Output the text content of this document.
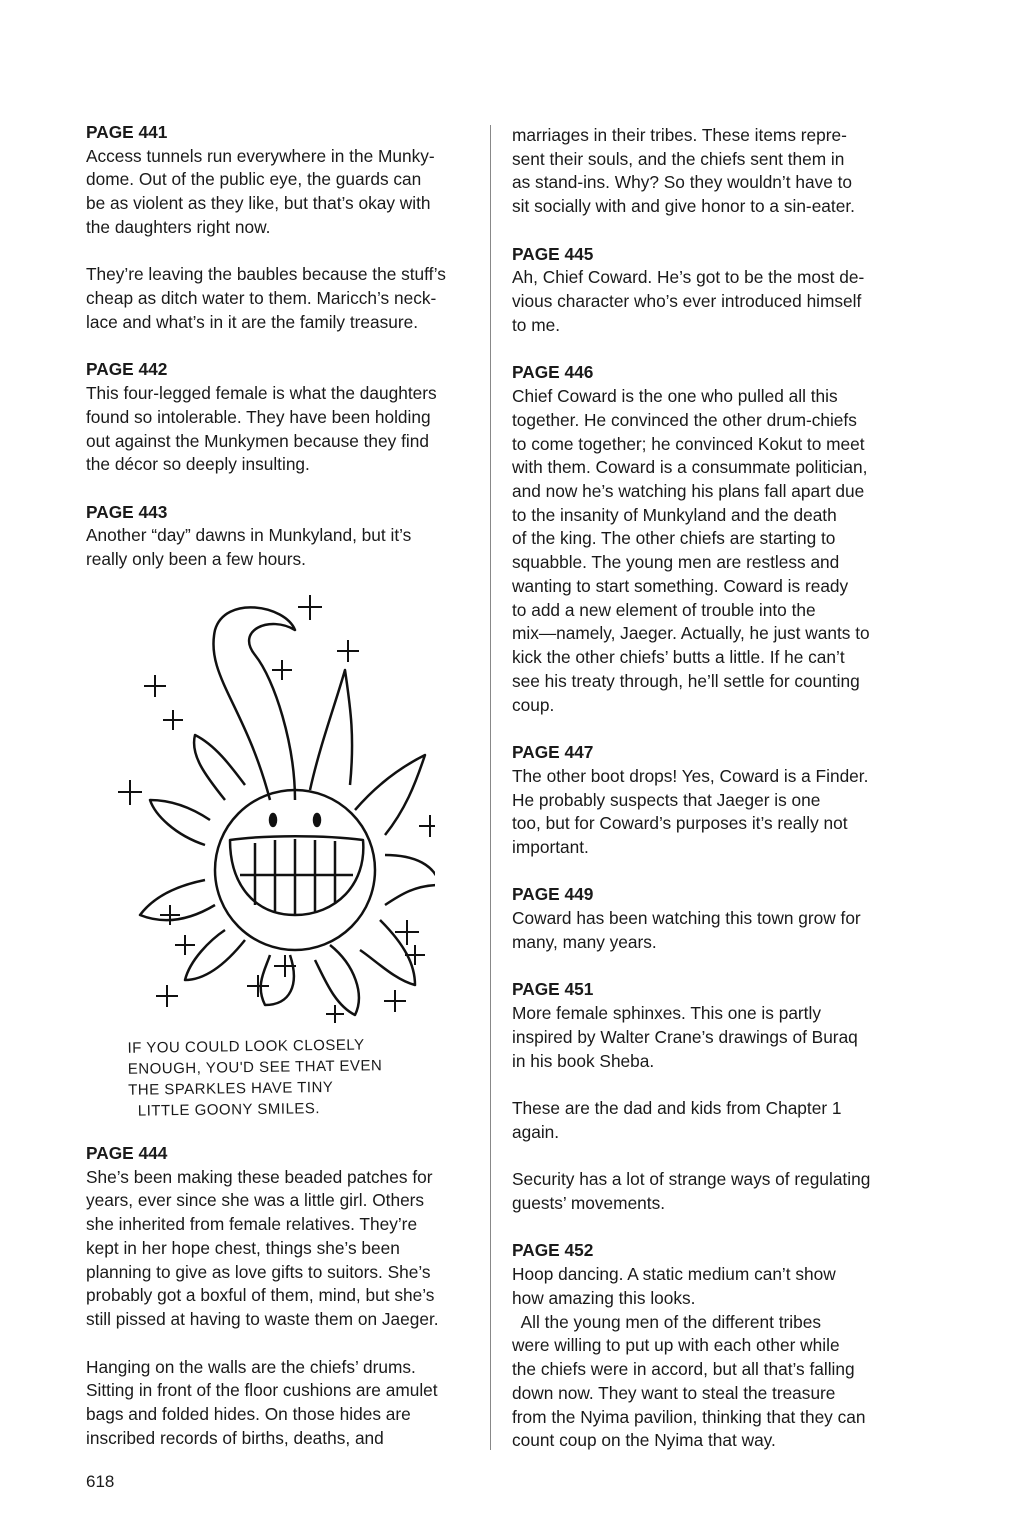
PAGE 441
Access tunnels run everywhere in the Munky-
dome. Out of the public eye, the guards can
be as violent as they like, but that’s okay with
the daughters right now.
They’re leaving the baubles because the stuff’s
cheap as ditch water to them. Maricch’s neck-
lace and what’s in it are the family treasure.
PAGE 442
This four-legged female is what the daughters
found so intolerable. They have been holding
out against the Munkymen because they find
the décor so deeply insulting.
PAGE 443
Another “day” dawns in Munkyland, but it’s
really only been a few hours.
IF YOU COULD LOOK CLOSELY
ENOUGH, YOU'D SEE THAT EVEN
THE SPARKLES HAVE TINY
LITTLE GOONY SMILES.
PAGE 444
She’s been making these beaded patches for
years, ever since she was a little girl. Others
she inherited from female relatives. They’re
kept in her hope chest, things she’s been
planning to give as love gifts to suitors. She’s
probably got a boxful of them, mind, but she’s
still pissed at having to waste them on Jaeger.
Hanging on the walls are the chiefs’ drums.
Sitting in front of the floor cushions are amulet
bags and folded hides. On those hides are
inscribed records of births, deaths, and
marriages in their tribes. These items repre-
sent their souls, and the chiefs sent them in
as stand-ins. Why? So they wouldn’t have to
sit socially with and give honor to a sin-eater.
PAGE 445
Ah, Chief Coward. He’s got to be the most de-
vious character who’s ever introduced himself
to me.
PAGE 446
Chief Coward is the one who pulled all this
together. He convinced the other drum-chiefs
to come together; he convinced Kokut to meet
with them. Coward is a consummate politician,
and now he’s watching his plans fall apart due
to the insanity of Munkyland and the death
of the king. The other chiefs are starting to
squabble. The young men are restless and
wanting to start something. Coward is ready
to add a new element of trouble into the
mix—namely, Jaeger. Actually, he just wants to
kick the other chiefs’ butts a little. If he can’t
see his treaty through, he’ll settle for counting
coup.
PAGE 447
The other boot drops! Yes, Coward is a Finder.
He probably suspects that Jaeger is one
too, but for Coward’s purposes it’s really not
important.
PAGE 449
Coward has been watching this town grow for
many, many years.
PAGE 451
More female sphinxes. This one is partly
inspired by Walter Crane’s drawings of Buraq
in his book Sheba.
These are the dad and kids from Chapter 1
again.
Security has a lot of strange ways of regulating
guests’ movements.
PAGE 452
Hoop dancing. A static medium can’t show
how amazing this looks.
All the young men of the different tribes
were willing to put up with each other while
the chiefs were in accord, but all that’s falling
down now. They want to steal the treasure
from the Nyima pavilion, thinking that they can
count coup on the Nyima that way.
618
